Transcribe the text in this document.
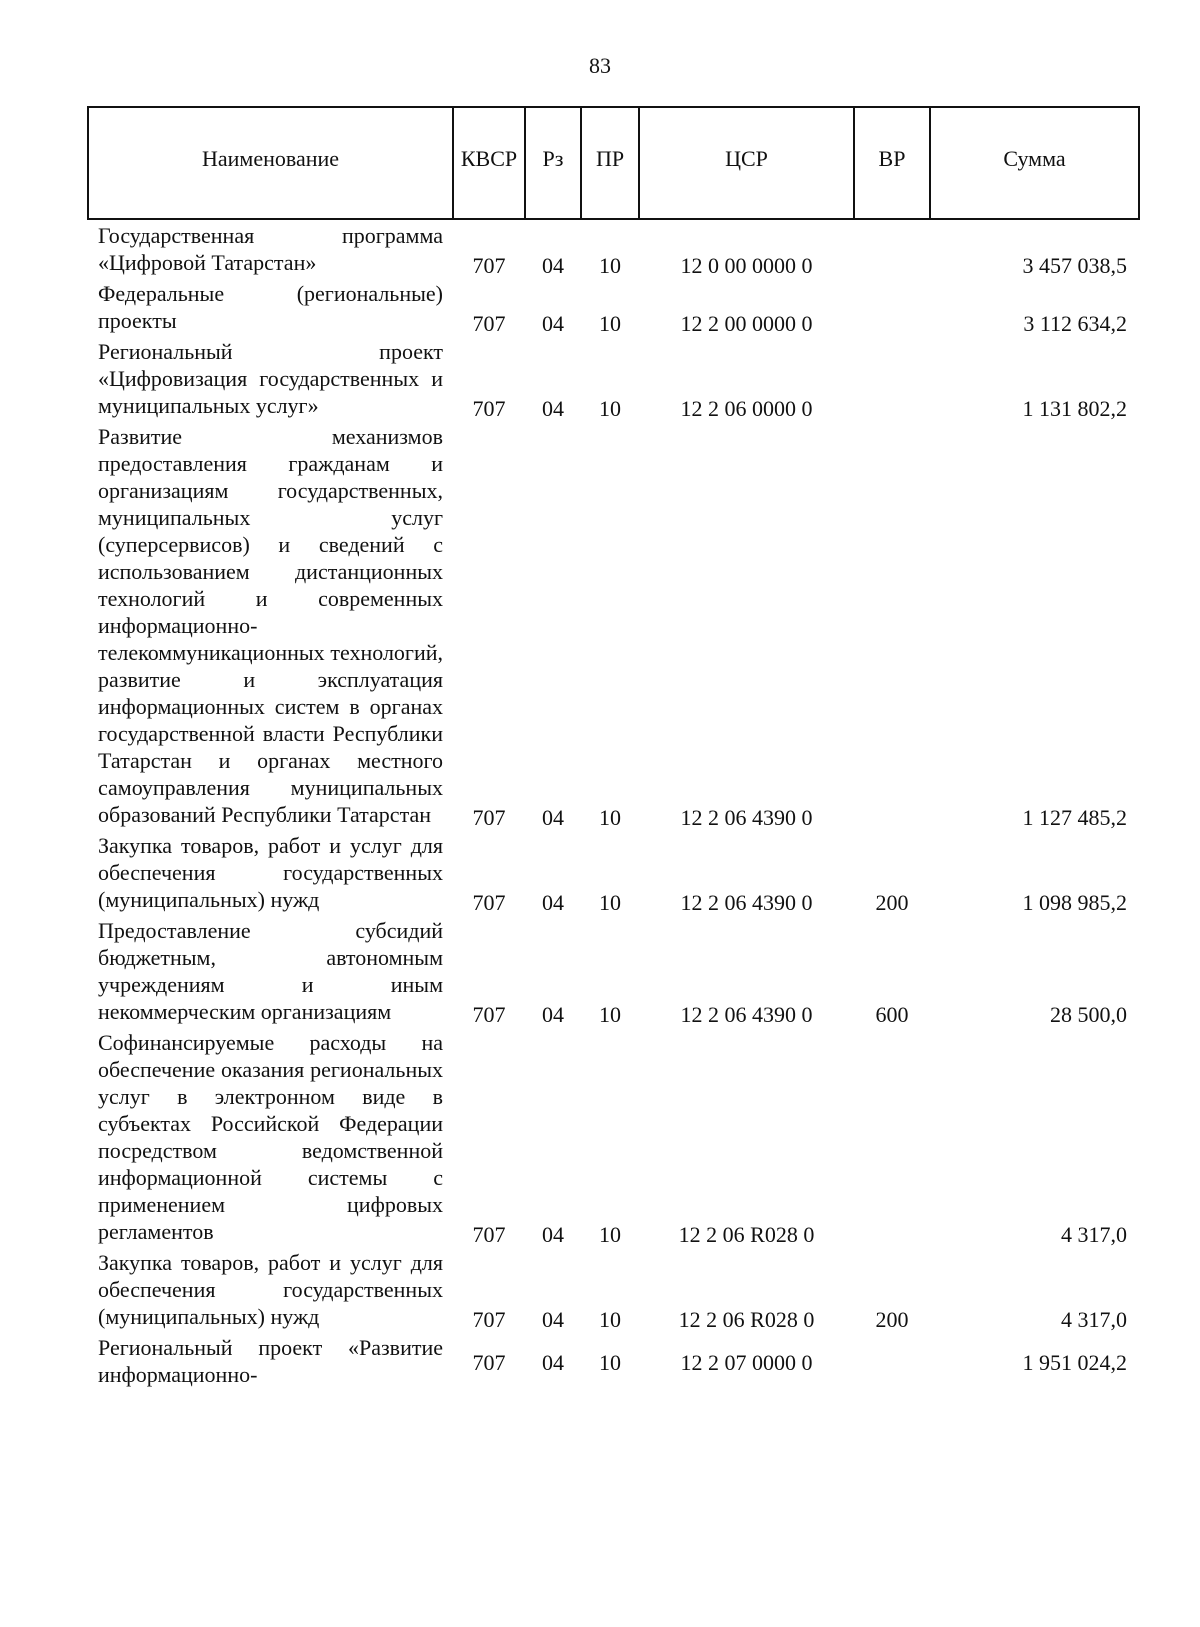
83
Наименование	КВСР	Рз	ПР	ЦСР	ВР	Сумма
Государственная программа «Цифровой Татарстан»	707	04	10	12 0 00 0000 0		3 457 038,5
Федеральные (региональные) проекты	707	04	10	12 2 00 0000 0		3 112 634,2
Региональный проект «Цифровизация государственных и муниципальных услуг»	707	04	10	12 2 06 0000 0		1 131 802,2
Развитие механизмов предоставления гражданам и организациям государственных, муниципальных услуг (суперсервисов) и сведений с использованием дистанционных технологий и современных информационно-телекоммуникационных технологий, развитие и эксплуатация информационных систем в органах государственной власти Республики Татарстан и органах местного самоуправления муниципальных образований Республики Татарстан	707	04	10	12 2 06 4390 0		1 127 485,2
Закупка товаров, работ и услуг для обеспечения государственных (муниципальных) нужд	707	04	10	12 2 06 4390 0	200	1 098 985,2
Предоставление субсидий бюджетным, автономным учреждениям и иным некоммерческим организациям	707	04	10	12 2 06 4390 0	600	28 500,0
Софинансируемые расходы на обеспечение оказания региональных услуг в электронном виде в субъектах Российской Федерации посредством ведомственной информационной системы с применением цифровых регламентов	707	04	10	12 2 06 R028 0		4 317,0
Закупка товаров, работ и услуг для обеспечения государственных (муниципальных) нужд	707	04	10	12 2 06 R028 0	200	4 317,0
Региональный проект «Развитие информационно-	707	04	10	12 2 07 0000 0		1 951 024,2
